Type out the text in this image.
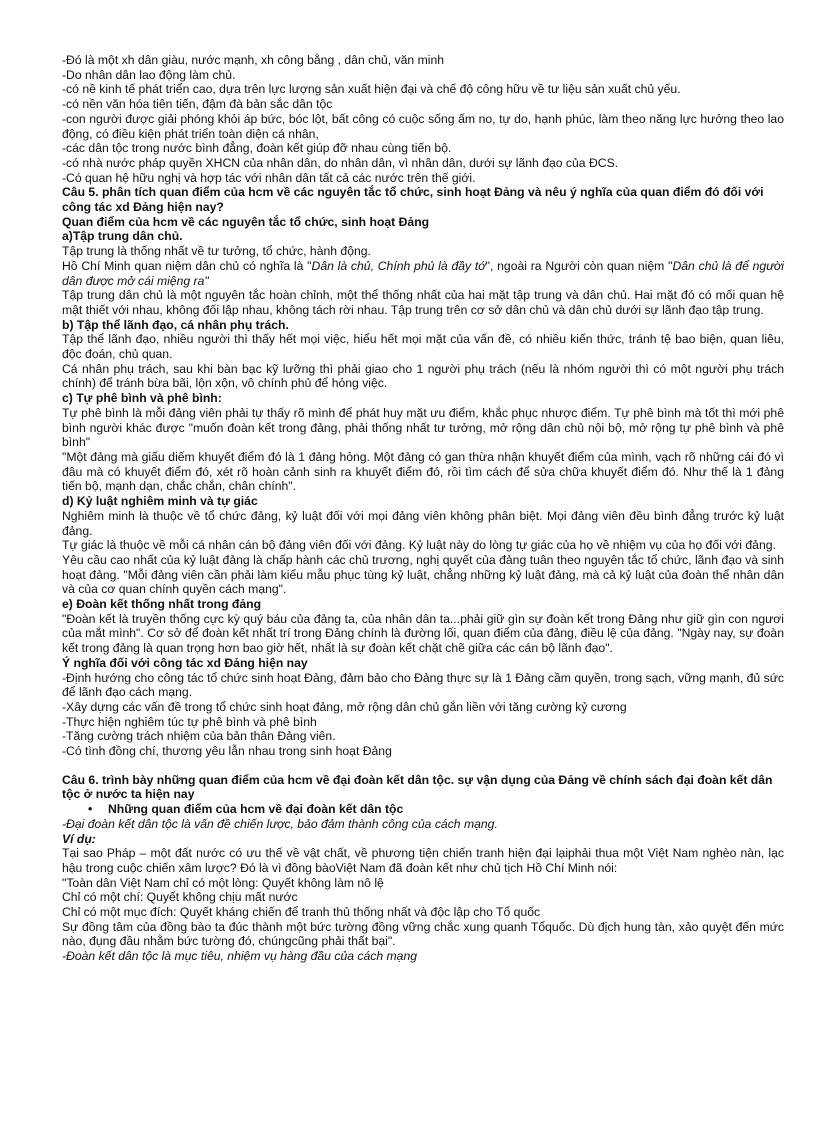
-Đó là một xh dân giàu, nước mạnh, xh công bằng , dân chủ, văn minh

-Do nhân dân lao động làm chủ.

-có nề kinh tế phát triển cao, dựa trên lực lượng sản xuất hiện đại và chế độ công hữu về tư liệu sản xuất chủ yếu.

-có nền văn hóa tiên tiến, đậm đà bản sắc dân tộc

-con người được giải phóng khỏi áp bức, bóc lột, bất công có cuộc sống ấm no, tự do, hạnh phúc, làm theo năng lực hưởng theo lao động, có điều kiện phát triển toàn diện cá nhân,

-các dân tộc trong nước bình đẳng, đoàn kết giúp đỡ nhau cùng tiến bộ.

-có nhà nước pháp quyền XHCN của nhân dân, do nhân dân, vì nhân dân, dưới sự lãnh đạo của ĐCS.

-Có quan hệ hữu nghị và hợp tác với nhân dân tất cả các nước trên thế giới.

Câu 5. phân tích quan điểm của hcm về các nguyên tắc tổ chức, sinh hoạt Đảng và nêu ý nghĩa của quan điểm đó đối với công tác xd Đảng hiện nay?

Quan điểm của hcm về các nguyên tắc tổ chức, sinh hoạt Đảng

a)Tập trung dân chủ.

Tập trung là thống nhất về tư tưởng, tổ chức, hành động.

Hồ Chí Minh quan niệm dân chủ có nghĩa là "Dân là chủ, Chính phủ là đầy tớ", ngoài ra Người còn quan niệm "Dân chủ là để người dân được mở cái miệng ra"

Tập trung dân chủ là một nguyên tắc hoàn chỉnh, một thể thống nhất của hai mặt tập trung và dân chủ. Hai mặt đó có mối quan hệ mật thiết với nhau, không đối lập nhau, không tách rời nhau. Tập trung trên cơ sở dân chủ và dân chủ dưới sự lãnh đạo tập trung.

b) Tập thể lãnh đạo, cá nhân phụ trách.

Tập thể lãnh đạo, nhiều người thì thấy hết mọi việc, hiểu hết mọi mặt của vấn đề, có nhiều kiến thức, tránh tệ bao biện, quan liêu, độc đoán, chủ quan.

Cá nhân phụ trách, sau khi bàn bạc kỹ lưỡng thì phải giao cho 1 người phụ trách (nếu là nhóm người thì có một người phụ trách chính) để tránh bừa bãi, lộn xộn, vô chính phủ để hỏng việc.

c) Tự phê bình và phê bình:

Tự phê bình là mỗi đảng viên phải tự thấy rõ mình để phát huy mặt ưu điểm, khắc phục nhược điểm. Tự phê bình mà tốt thì mới phê bình người khác được "muốn đoàn kết trong đảng, phải thống nhất tư tưởng, mở rộng dân chủ nội bộ, mở rộng tự phê bình và phê bình"

"Một đảng mà giấu diếm khuyết điểm đó là 1 đảng hỏng. Một đảng có gan thừa nhận khuyết điểm của mình, vạch rõ những cái đó vì đâu mà có khuyết điểm đó, xét rõ hoàn cảnh sinh ra khuyết điểm đó, rồi tìm cách để sửa chữa khuyết điểm đó. Như thế là 1 đảng tiến bộ, mạnh dạn, chắc chắn, chân chính".

d) Kỷ luật nghiêm minh và tự giác

Nghiêm minh là thuộc về tổ chức đảng, kỷ luật đối với mọi đảng viên không phân biệt. Mọi đảng viên đều bình đẳng trước kỷ luật đảng.

Tự giác là thuộc về mỗi cá nhân cán bộ đảng viên đối với đảng. Kỷ luật này do lòng tự giác của họ về nhiệm vụ của họ đối với đảng.

Yêu cầu cao nhất của kỷ luật đảng là chấp hành các chủ trương, nghị quyết của đảng tuân theo nguyên tắc tổ chức, lãnh đạo và sinh hoạt đảng. "Mỗi đảng viên cần phải làm kiểu mẫu phục tùng kỷ luật, chẳng những kỷ luật đảng, mà cả kỷ luật của đoàn thể nhân dân và của cơ quan chính quyền cách mạng".

e) Đoàn kết thống nhất trong đảng

"Đoàn kết là truyền thống cực kỳ quý báu của đảng ta, của nhân dân ta...phải giữ gìn sự đoàn kết trong Đảng như giữ gìn con ngươi của mắt mình". Cơ sở để đoàn kết nhất trí trong Đảng chính là đường lối, quan điểm của đảng, điều lệ của đảng. "Ngày nay, sự đoàn kết trong đảng là quan trọng hơn bao giờ hết, nhất là sự đoàn kết chặt chẽ giữa các cán bộ lãnh đạo".

Ý nghĩa đối với công tác xd Đảng hiện nay

-Định hướng cho công tác tổ chức sinh hoạt Đảng, đảm bảo cho Đảng thực sự là 1 Đảng cầm quyền, trong sạch, vững mạnh, đủ sức để lãnh đạo cách mạng.

-Xây dựng các vấn đề trong tổ chức sinh hoạt đảng, mở rộng dân chủ gắn liền với tăng cường kỷ cương

-Thực hiện nghiêm túc tự phê bình và phê bình

-Tăng cường trách nhiệm của bản thân Đảng viên.

-Có tình đồng chí, thương yêu lẫn nhau trong sinh hoạt Đảng

Câu 6. trình bày những quan điểm của hcm về đại đoàn kết dân tộc. sự vận dụng của Đảng về chính sách đại đoàn kết dân tộc ở nước ta hiện nay

•	Những quan điểm của hcm về đại đoàn kết dân tộc

-Đại đoàn kết dân tộc là vấn đề chiến lược, bảo đảm thành công của cách mạng.

Ví dụ:

Tại sao Pháp – một đất nước có ưu thế về vật chất, về phương tiện chiến tranh hiện đại lạiphải thua một Việt Nam nghèo nàn, lạc hậu trong cuộc chiến xâm lược? Đó là vì đồng bàoViệt Nam đã đoàn kết như chủ tịch Hồ Chí Minh nói:

"Toàn dân Việt Nam chỉ có một lòng: Quyết không làm nô lệ

Chỉ có một chí: Quyết không chịu mất nước

Chỉ có một mục đích: Quyết kháng chiến để tranh thủ thống nhất và độc lập cho Tổ quốc

Sự đồng tâm của đồng bào ta đúc thành một bức tường đồng vững chắc xung quanh Tổquốc. Dù địch hung tàn, xảo quyệt đến mức nào, đụng đầu nhằm bức tường đó, chúngcũng phải thất bại".

-Đoàn kết dân tộc là mục tiêu, nhiệm vụ hàng đầu của cách mạng
